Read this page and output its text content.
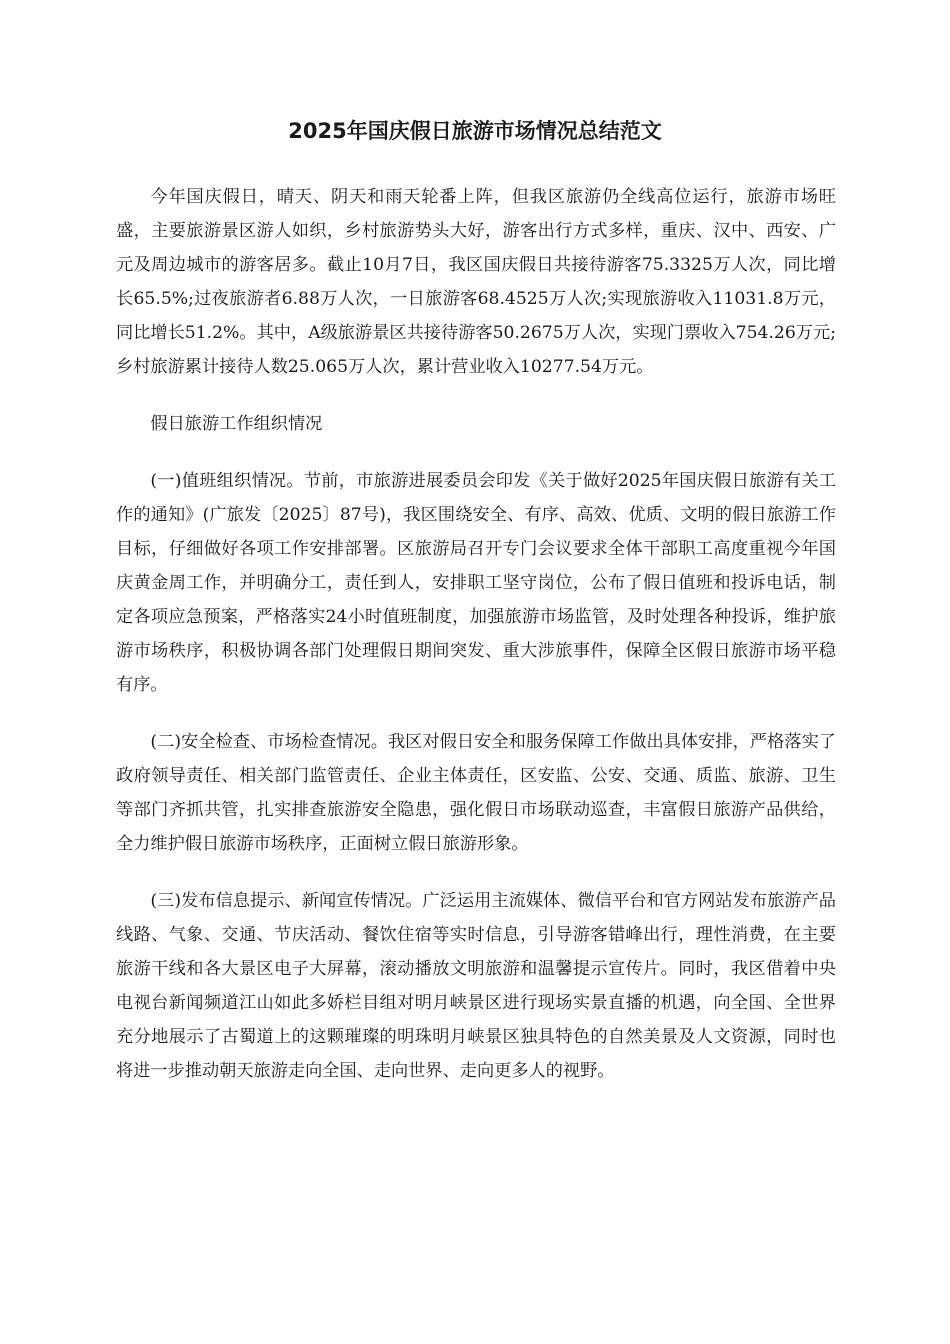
2025年国庆假日旅游市场情况总结范文

今年国庆假日，晴天、阴天和雨天轮番上阵，但我区旅游仍全线高位运行，旅游市场旺盛，主要旅游景区游人如织，乡村旅游势头大好，游客出行方式多样，重庆、汉中、西安、广元及周边城市的游客居多。截止10月7日，我区国庆假日共接待游客75.3325万人次，同比增长65.5%;过夜旅游者6.88万人次，一日旅游客68.4525万人次;实现旅游收入11031.8万元，同比增长51.2%。其中，A级旅游景区共接待游客50.2675万人次，实现门票收入754.26万元;乡村旅游累计接待人数25.065万人次，累计营业收入10277.54万元。

假日旅游工作组织情况

(一)值班组织情况。节前，市旅游进展委员会印发《关于做好2025年国庆假日旅游有关工作的通知》(广旅发〔2025〕87号)，我区围绕安全、有序、高效、优质、文明的假日旅游工作目标，仔细做好各项工作安排部署。区旅游局召开专门会议要求全体干部职工高度重视今年国庆黄金周工作，并明确分工，责任到人，安排职工坚守岗位，公布了假日值班和投诉电话，制定各项应急预案，严格落实24小时值班制度，加强旅游市场监管，及时处理各种投诉，维护旅游市场秩序，积极协调各部门处理假日期间突发、重大涉旅事件，保障全区假日旅游市场平稳有序。

(二)安全检查、市场检查情况。我区对假日安全和服务保障工作做出具体安排，严格落实了政府领导责任、相关部门监管责任、企业主体责任，区安监、公安、交通、质监、旅游、卫生等部门齐抓共管，扎实排查旅游安全隐患，强化假日市场联动巡查，丰富假日旅游产品供给，全力维护假日旅游市场秩序，正面树立假日旅游形象。

(三)发布信息提示、新闻宣传情况。广泛运用主流媒体、微信平台和官方网站发布旅游产品线路、气象、交通、节庆活动、餐饮住宿等实时信息，引导游客错峰出行，理性消费，在主要旅游干线和各大景区电子大屏幕，滚动播放文明旅游和温馨提示宣传片。同时，我区借着中央电视台新闻频道江山如此多娇栏目组对明月峡景区进行现场实景直播的机遇，向全国、全世界充分地展示了古蜀道上的这颗璀璨的明珠明月峡景区独具特色的自然美景及人文资源，同时也将进一步推动朝天旅游走向全国、走向世界、走向更多人的视野。
